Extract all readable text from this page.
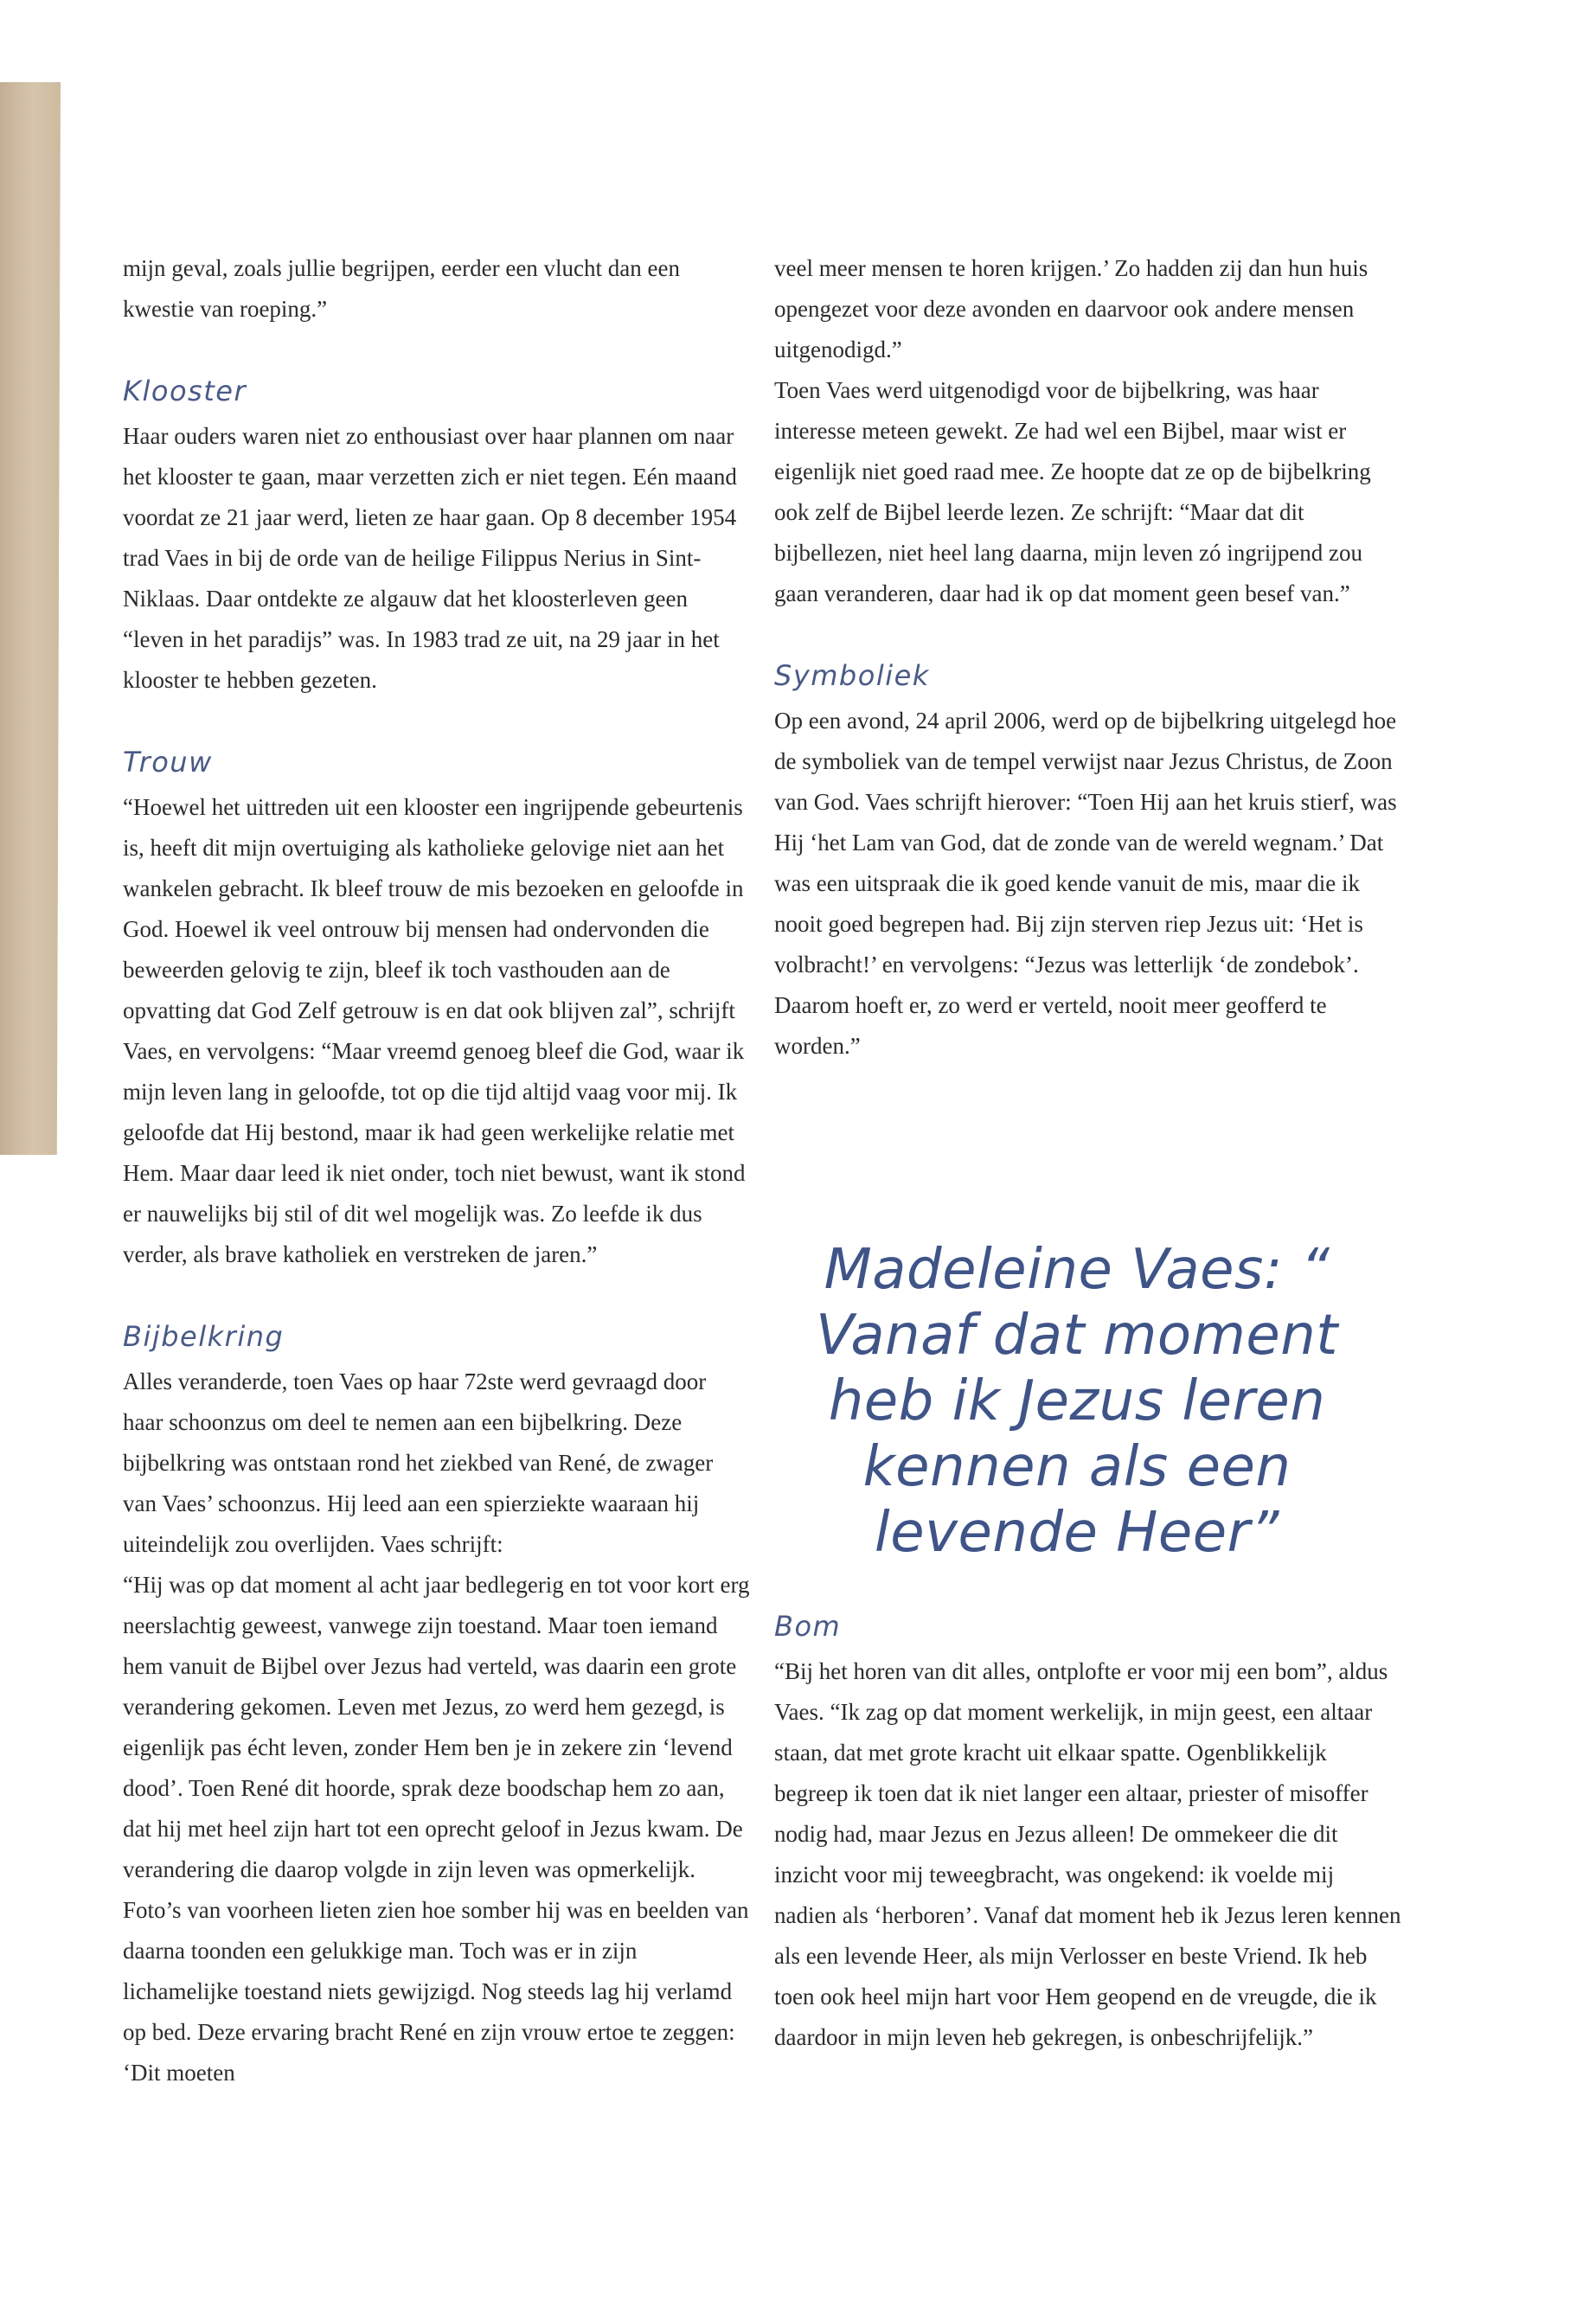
mijn geval, zoals jullie begrijpen, eerder een vlucht dan een kwestie van roeping.”

Klooster

Haar ouders waren niet zo enthousiast over haar plannen om naar het klooster te gaan, maar verzetten zich er niet tegen. Eén maand voordat ze 21 jaar werd, lieten ze haar gaan. Op 8 december 1954 trad Vaes in bij de orde van de heilige Filippus Nerius in Sint-Niklaas. Daar ontdekte ze algauw dat het kloosterleven geen “leven in het paradijs” was. In 1983 trad ze uit, na 29 jaar in het klooster te hebben gezeten.

Trouw

“Hoewel het uittreden uit een klooster een ingrijpende gebeurtenis is, heeft dit mijn overtuiging als katholieke gelovige niet aan het wankelen gebracht. Ik bleef trouw de mis bezoeken en geloofde in God. Hoewel ik veel ontrouw bij mensen had ondervonden die beweerden gelovig te zijn, bleef ik toch vasthouden aan de opvatting dat God Zelf getrouw is en dat ook blijven zal”, schrijft Vaes, en vervolgens: “Maar vreemd genoeg bleef die God, waar ik mijn leven lang in geloofde, tot op die tijd altijd vaag voor mij. Ik geloofde dat Hij bestond, maar ik had geen werkelijke relatie met Hem. Maar daar leed ik niet onder, toch niet bewust, want ik stond er nauwelijks bij stil of dit wel mogelijk was. Zo leefde ik dus verder, als brave katholiek en verstreken de jaren.”

Bijbelkring

Alles veranderde, toen Vaes op haar 72ste werd gevraagd door haar schoonzus om deel te nemen aan een bijbelkring. Deze bijbelkring was ontstaan rond het ziekbed van René, de zwager van Vaes’ schoonzus. Hij leed aan een spierziekte waaraan hij uiteindelijk zou overlijden. Vaes schrijft:

“Hij was op dat moment al acht jaar bedlegerig en tot voor kort erg neerslachtig geweest, vanwege zijn toestand. Maar toen iemand hem vanuit de Bijbel over Jezus had verteld, was daarin een grote verandering gekomen. Leven met Jezus, zo werd hem gezegd, is eigenlijk pas écht leven, zonder Hem ben je in zekere zin ‘levend dood’. Toen René dit hoorde, sprak deze boodschap hem zo aan, dat hij met heel zijn hart tot een oprecht geloof in Jezus kwam. De verandering die daarop volgde in zijn leven was opmerkelijk. Foto’s van voorheen lieten zien hoe somber hij was en beelden van daarna toonden een gelukkige man. Toch was er in zijn lichamelijke toestand niets gewijzigd. Nog steeds lag hij verlamd op bed. Deze ervaring bracht René en zijn vrouw ertoe te zeggen: ‘Dit moeten

veel meer mensen te horen krijgen.’ Zo hadden zij dan hun huis opengezet voor deze avonden en daarvoor ook andere mensen uitgenodigd.”

Toen Vaes werd uitgenodigd voor de bijbelkring, was haar interesse meteen gewekt. Ze had wel een Bijbel, maar wist er eigenlijk niet goed raad mee. Ze hoopte dat ze op de bijbelkring ook zelf de Bijbel leerde lezen. Ze schrijft: “Maar dat dit bijbellezen, niet heel lang daarna, mijn leven zó ingrijpend zou gaan veranderen, daar had ik op dat moment geen besef van.”

Symboliek

Op een avond, 24 april 2006, werd op de bijbelkring uitgelegd hoe de symboliek van de tempel verwijst naar Jezus Christus, de Zoon van God. Vaes schrijft hierover: “Toen Hij aan het kruis stierf, was Hij ‘het Lam van God, dat de zonde van de wereld wegnam.’ Dat was een uitspraak die ik goed kende vanuit de mis, maar die ik nooit goed begrepen had. Bij zijn sterven riep Jezus uit: ‘Het is volbracht!’ en vervolgens: “Jezus was letterlijk ‘de zondebok’. Daarom hoeft er, zo werd er verteld, nooit meer geofferd te worden.”

Bom

“Bij het horen van dit alles, ontplofte er voor mij een bom”, aldus Vaes. “Ik zag op dat moment werkelijk, in mijn geest, een altaar staan, dat met grote kracht uit elkaar spatte. Ogenblikkelijk begreep ik toen dat ik niet langer een altaar, priester of misoffer nodig had, maar Jezus en Jezus alleen! De ommekeer die dit inzicht voor mij teweegbracht, was ongekend: ik voelde mij nadien als ‘herboren’. Vanaf dat moment heb ik Jezus leren kennen als een levende Heer, als mijn Verlosser en beste Vriend. Ik heb toen ook heel mijn hart voor Hem geopend en de vreugde, die ik daardoor in mijn leven heb gekregen, is onbeschrijfelijk.”

Madeleine Vaes: “
Vanaf dat moment
heb ik Jezus leren
kennen als een
levende Heer”
